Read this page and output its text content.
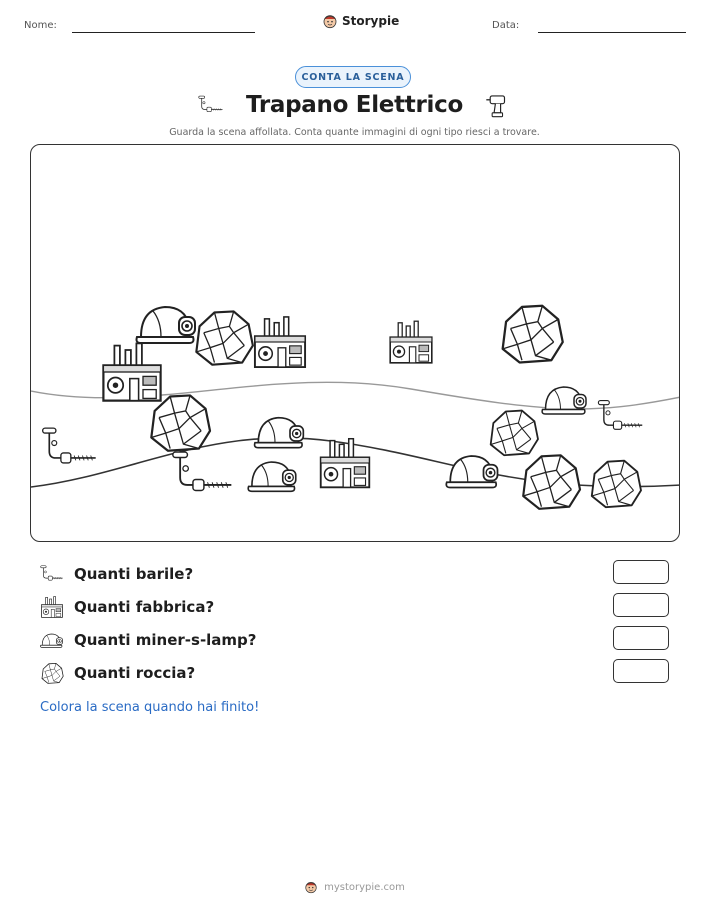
Nome:	Storypie	Data:
CONTA LA SCENA
Trapano Elettrico
Guarda la scena affollata. Conta quante immagini di ogni tipo riesci a trovare.
Quanti barile?
Quanti fabbrica?
Quanti miner-s-lamp?
Quanti roccia?
Colora la scena quando hai finito!
mystorypie.com
